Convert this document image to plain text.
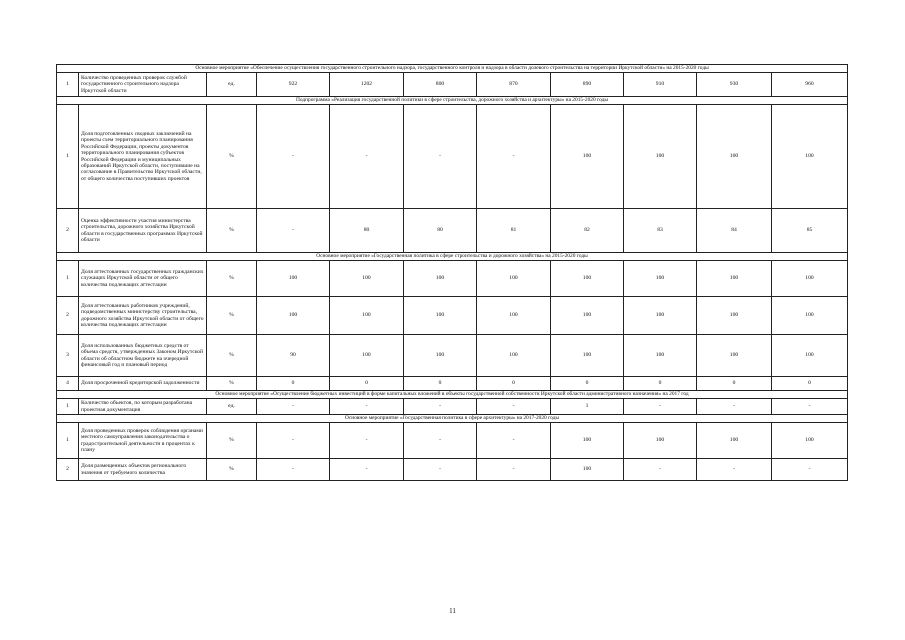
Основное мероприятие «Обеспечение осуществления государственного строительного надзора, государственного контроля и надзора в области долевого строительства на территории Иркутской области» на 2015-2020 годы										
1	Количество проведенных проверок службой государственного строительного надзора Иркутской области	ед.	922	1202	800	870	890	910	930	960
Подпрограмма «Реализация государственной политики в сфере строительства, дорожного хозяйства и архитектуры» на 2015-2020 годы										
1	Доля подготовленных сводных заключений на проекты схем территориального планирования Российской Федерации, проекты документов территориального планирования субъектов Российской Федерации и муниципальных образований Иркутской области, поступившие на согласование в Правительство Иркутской области, от общего количества поступивших проектов	%	-	-	-	-	100	100	100	100
2	Оценка эффективности участия министерства строительства, дорожного хозяйства Иркутской области в государственных программах Иркутской области	%	-	80	80	81	82	83	84	85
Основное мероприятие «Государственная политика в сфере строительства и дорожного хозяйства» на 2015-2020 годы										
1	Доля аттестованных государственных гражданских служащих Иркутской области от общего количества подлежащих аттестации	%	100	100	100	100	100	100	100	100
2	Доля аттестованных работников учреждений, подведомственных министерству строительства, дорожного хозяйства Иркутской области от общего количества подлежащих аттестации	%	100	100	100	100	100	100	100	100
3	Доля использованных бюджетных средств от объема средств, утвержденных Законом Иркутской области об областном бюджете на очередной финансовый год и плановый период	%	90	100	100	100	100	100	100	100
4	Доля просроченной кредиторской задолженности	%	0	0	0	0	0	0	0	0
Основное мероприятие «Осуществление бюджетных инвестиций в форме капитальных вложений в объекты государственной собственности Иркутской области административного назначения» на 2017 год										
1	Количество объектов, по которым разработана проектная документация	ед.	-	-	-	-	1	-	-	-
Основное мероприятие «Государственная политика в сфере архитектуры» на 2017-2020 годы										
1	Доля проведенных проверок соблюдения органами местного самоуправления законодательства о градостроительной деятельности в процентах к плану	%	-	-	-	-	100	100	100	100
2	Доля размещенных объектов регионального значения от требуемого количества	%	-	-	-	-	100	-	-	-
11
